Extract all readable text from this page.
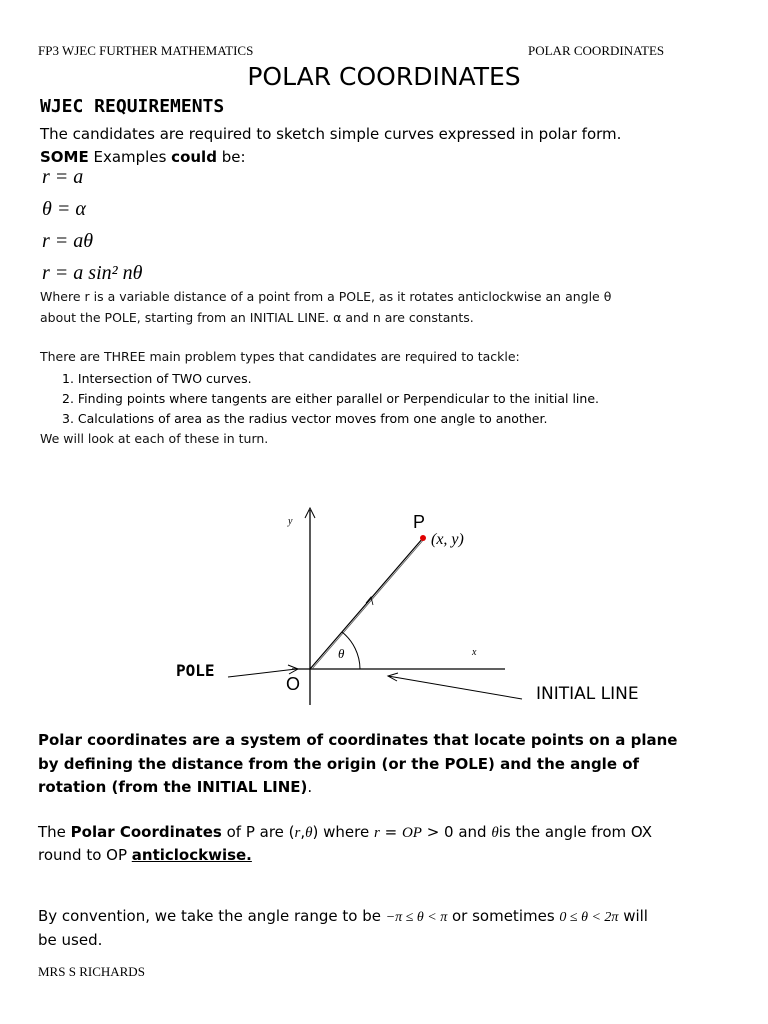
FP3 WJEC FURTHER MATHEMATICS	POLAR COORDINATES
POLAR COORDINATES
WJEC REQUIREMENTS
The candidates are required to sketch simple curves expressed in polar form.
SOME Examples could be:
r = a
θ = α
r = aθ
r = a sin² nθ
Where r is a variable distance of a point from a POLE, as it rotates anticlockwise an angle θ
about the POLE, starting from an INITIAL LINE. α and n are constants.
There are THREE main problem types that candidates are required to tackle:
1. Intersection of TWO curves.
2. Finding points where tangents are either parallel or Perpendicular to the initial line.
3. Calculations of area as the radius vector moves from one angle to another.
We will look at each of these in turn.
y
x
P
(x, y)
θ
O
POLE
INITIAL LINE
Polar coordinates are a system of coordinates that locate points on a plane
by defining the distance from the origin (or the POLE) and the angle of
rotation (from the INITIAL LINE).
The Polar Coordinates of P are (r,θ) where r = OP > 0 and θis the angle from OX
round to OP anticlockwise.
By convention, we take the angle range to be −π ≤ θ < π or sometimes 0 ≤ θ < 2π will
be used.
MRS S RICHARDS
